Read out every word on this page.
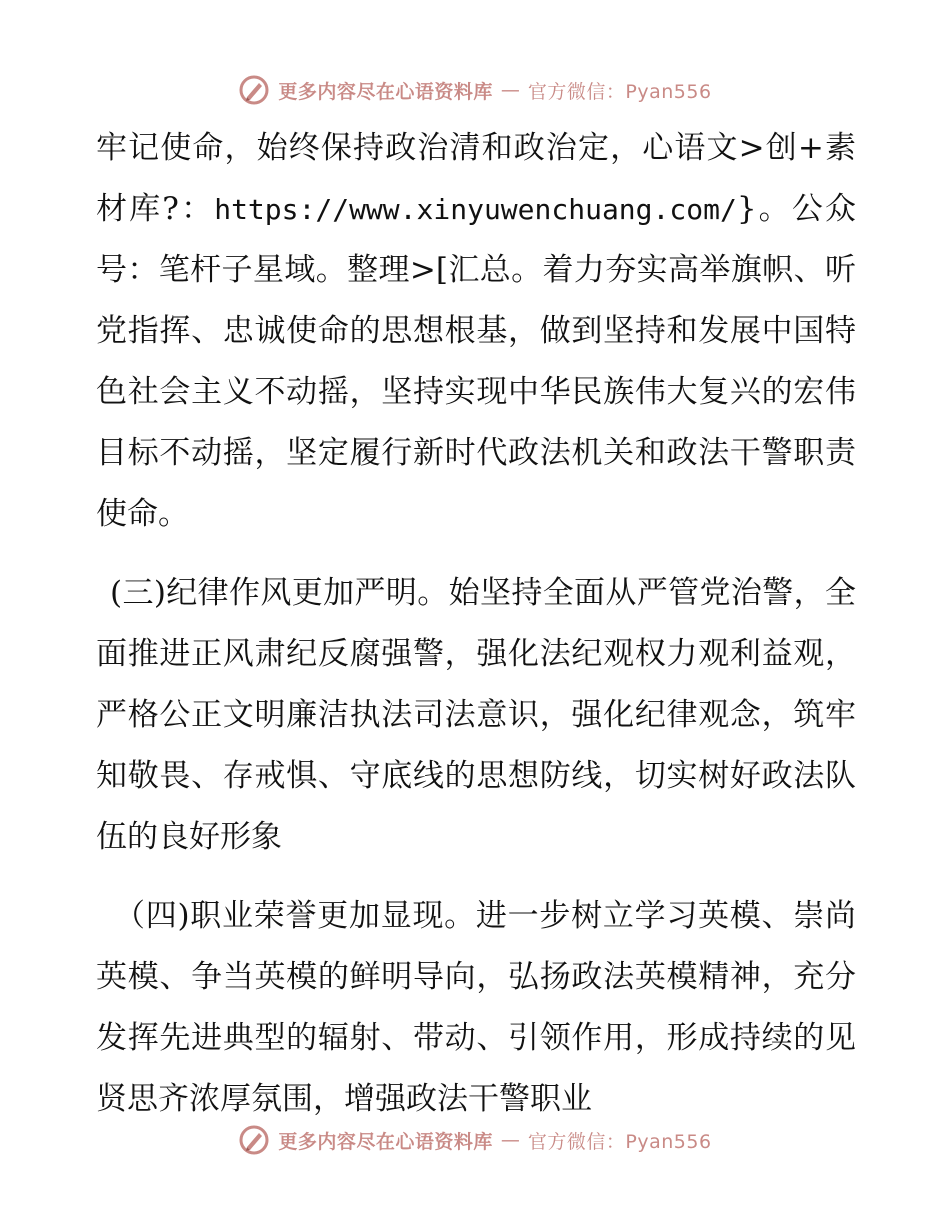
更多内容尽在心语资料库 — 官方微信：Pyan556

牢记使命，始终保持政治清和政治定，心语文>创+素材库?：https://www.xinyuwenchuang.com/}。公众号：笔杆子星域。整理>[汇总。着力夯实高举旗帜、听党指挥、忠诚使命的思想根基，做到坚持和发展中国特色社会主义不动摇，坚持实现中华民族伟大复兴的宏伟目标不动摇，坚定履行新时代政法机关和政法干警职责使命。

(三)纪律作风更加严明。始坚持全面从严管党治警，全面推进正风肃纪反腐强警，强化法纪观权力观利益观，严格公正文明廉洁执法司法意识，强化纪律观念，筑牢知敬畏、存戒惧、守底线的思想防线，切实树好政法队伍的良好形象

（四)职业荣誉更加显现。进一步树立学习英模、崇尚英模、争当英模的鲜明导向，弘扬政法英模精神，充分发挥先进典型的辐射、带动、引领作用，形成持续的见贤思齐浓厚氛围，增强政法干警职业

更多内容尽在心语资料库 — 官方微信：Pyan556
